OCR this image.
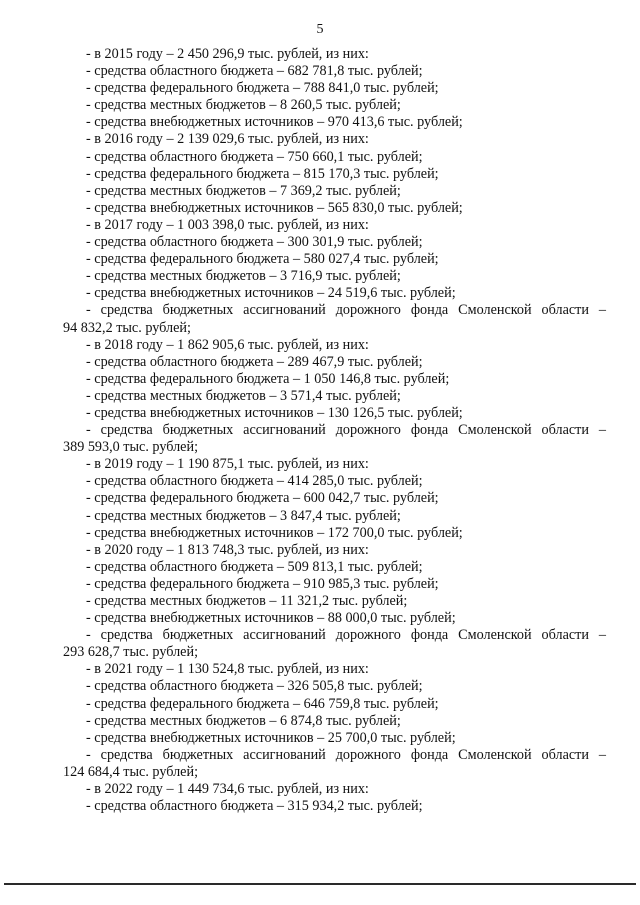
5
- в 2015 году – 2 450 296,9 тыс. рублей, из них:
- средства областного бюджета – 682 781,8 тыс. рублей;
- средства федерального бюджета – 788 841,0 тыс. рублей;
- средства местных бюджетов – 8 260,5 тыс. рублей;
- средства внебюджетных источников – 970 413,6 тыс. рублей;
- в 2016 году – 2 139 029,6 тыс. рублей, из них:
- средства областного бюджета – 750 660,1 тыс. рублей;
- средства федерального бюджета – 815 170,3 тыс. рублей;
- средства местных бюджетов – 7 369,2 тыс. рублей;
- средства внебюджетных источников – 565 830,0 тыс. рублей;
- в 2017 году – 1 003 398,0 тыс. рублей, из них:
- средства областного бюджета – 300 301,9 тыс. рублей;
- средства федерального бюджета – 580 027,4 тыс. рублей;
- средства местных бюджетов – 3 716,9 тыс. рублей;
- средства внебюджетных источников – 24 519,6 тыс. рублей;
- средства бюджетных ассигнований дорожного фонда Смоленской области –
94 832,2 тыс. рублей;
- в 2018 году – 1 862 905,6 тыс. рублей, из них:
- средства областного бюджета – 289 467,9 тыс. рублей;
- средства федерального бюджета – 1 050 146,8 тыс. рублей;
- средства местных бюджетов – 3 571,4 тыс. рублей;
- средства внебюджетных источников – 130 126,5 тыс. рублей;
- средства бюджетных ассигнований дорожного фонда Смоленской области –
389 593,0 тыс. рублей;
- в 2019 году – 1 190 875,1 тыс. рублей, из них:
- средства областного бюджета – 414 285,0 тыс. рублей;
- средства федерального бюджета – 600 042,7 тыс. рублей;
- средства местных бюджетов – 3 847,4 тыс. рублей;
- средства внебюджетных источников – 172 700,0 тыс. рублей;
- в 2020 году – 1 813 748,3 тыс. рублей, из них:
- средства областного бюджета – 509 813,1 тыс. рублей;
- средства федерального бюджета – 910 985,3 тыс. рублей;
- средства местных бюджетов – 11 321,2 тыс. рублей;
- средства внебюджетных источников – 88 000,0 тыс. рублей;
- средства бюджетных ассигнований дорожного фонда Смоленской области –
293 628,7 тыс. рублей;
- в 2021 году – 1 130 524,8 тыс. рублей, из них:
- средства областного бюджета – 326 505,8 тыс. рублей;
- средства федерального бюджета – 646 759,8 тыс. рублей;
- средства местных бюджетов – 6 874,8 тыс. рублей;
- средства внебюджетных источников – 25 700,0 тыс. рублей;
- средства бюджетных ассигнований дорожного фонда Смоленской области –
124 684,4 тыс. рублей;
- в 2022 году – 1 449 734,6 тыс. рублей, из них:
- средства областного бюджета – 315 934,2 тыс. рублей;
